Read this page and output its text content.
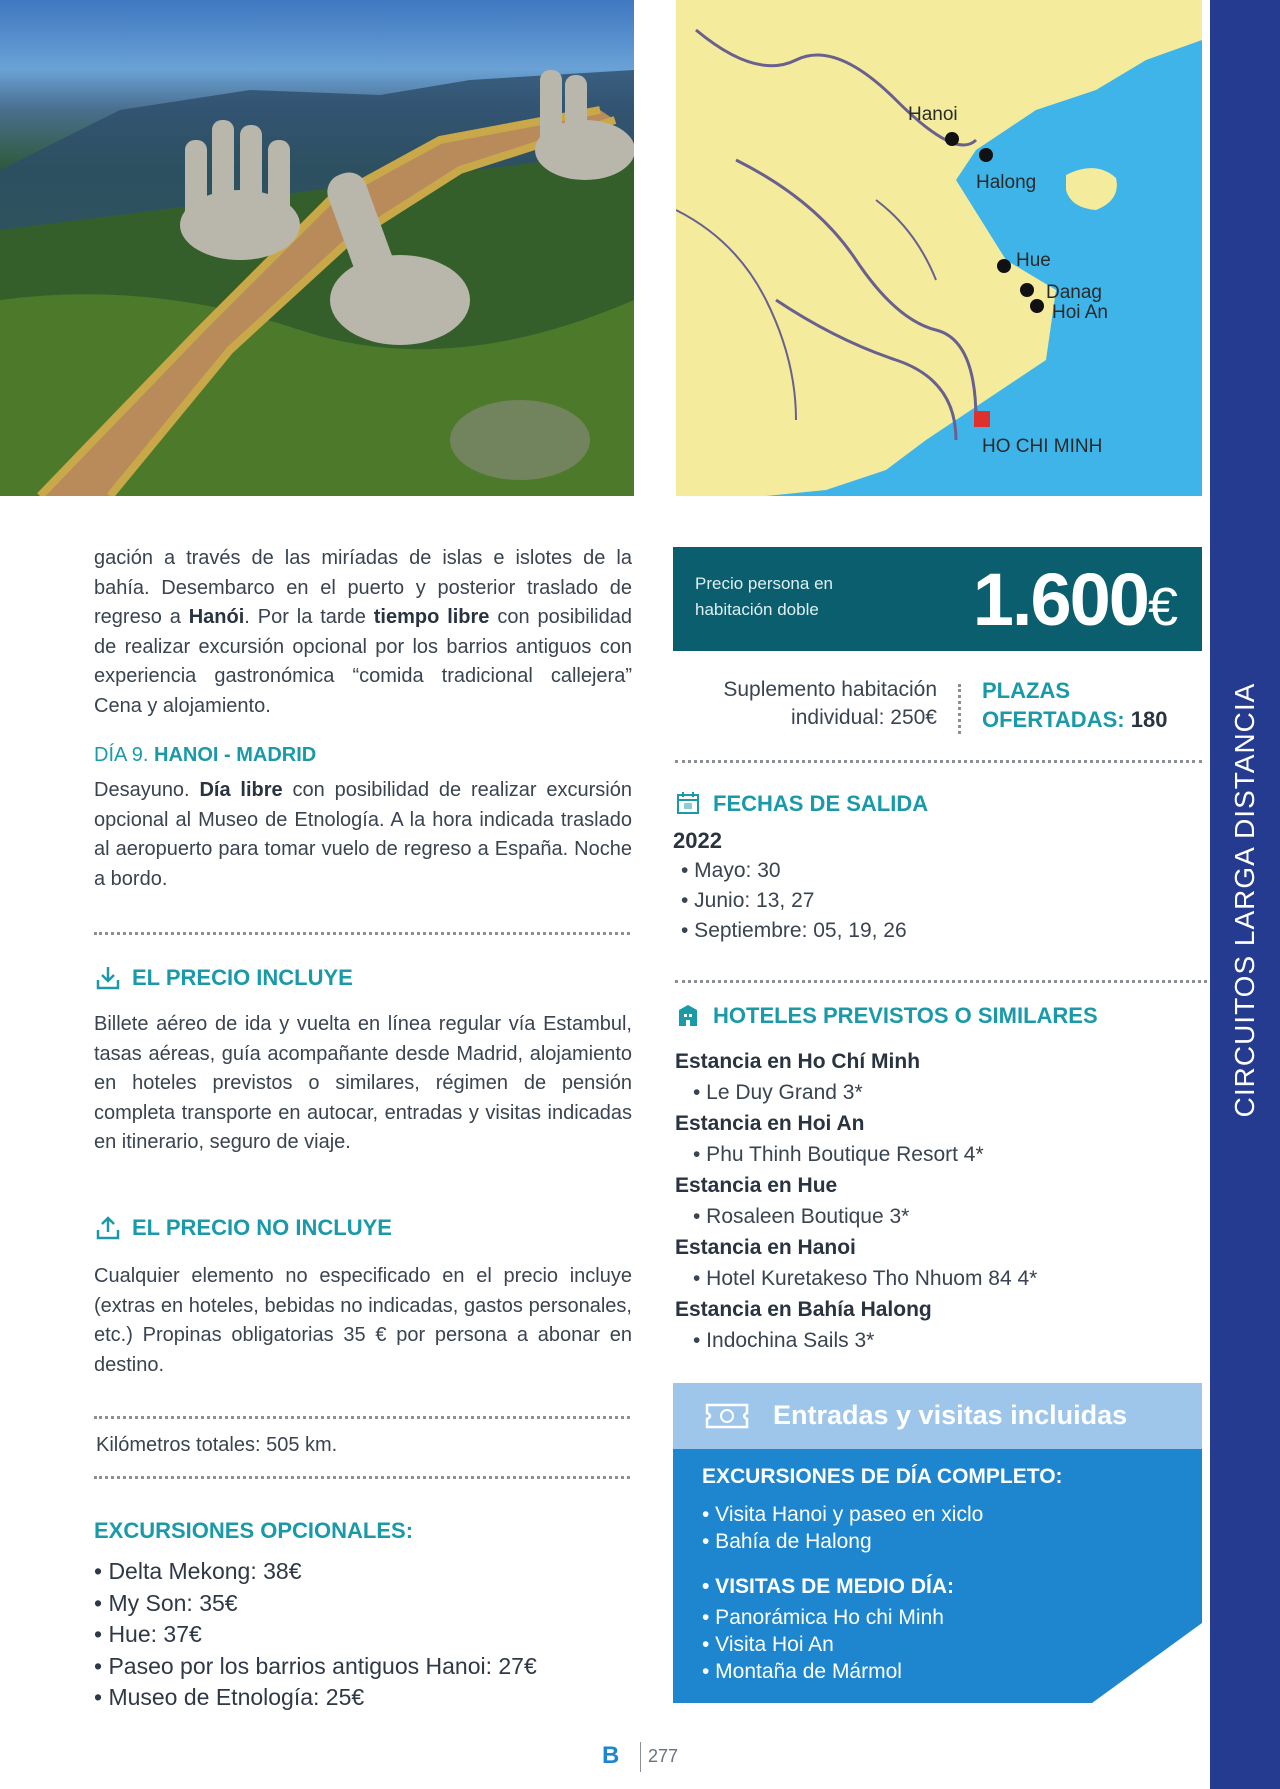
CIRCUITOS LARGA DISTANCIA
Hanoi
Halong
Hue
Danag
Hoi An
HO CHI MINH

gación a través de las miríadas de islas e islotes de la bahía. Desembarco en el puerto y posterior traslado de regreso a Hanói. Por la tarde tiempo libre con posibilidad de realizar excursión opcional por los barrios antiguos con experiencia gastronómica “comida tradicional callejera” Cena y alojamiento.

DÍA 9. HANOI - MADRID

Desayuno. Día libre con posibilidad de realizar excursión opcional al Museo de Etnología. A la hora indicada traslado al aeropuerto para tomar vuelo de regreso a España. Noche a bordo.

EL PRECIO INCLUYE

Billete aéreo de ida y vuelta en línea regular vía Estambul, tasas aéreas, guía acompañante desde Madrid, alojamiento en hoteles previstos o similares, régimen de pensión completa transporte en autocar, entradas y visitas indicadas en itinerario, seguro de viaje.

EL PRECIO NO INCLUYE

Cualquier elemento no especificado en el precio incluye (extras en hoteles, bebidas no indicadas, gastos personales, etc.) Propinas obligatorias 35 € por persona a abonar en destino.

Kilómetros totales: 505 km.
EXCURSIONES OPCIONALES:
• Delta Mekong: 38€
• My Son: 35€
• Hue: 37€
• Paseo por los barrios antiguos Hanoi: 27€
• Museo de Etnología: 25€
Precio persona en habitación doble	1.600€
Suplemento habitación individual: 250€
PLAZAS
OFERTADAS: 180
FECHAS DE SALIDA
2022
• Mayo: 30
• Junio: 13, 27
• Septiembre: 05, 19, 26
HOTELES PREVISTOS O SIMILARES
Estancia en Ho Chí Minh
• Le Duy Grand 3*
Estancia en Hoi An
• Phu Thinh Boutique Resort 4*
Estancia en Hue
• Rosaleen Boutique 3*
Estancia en Hanoi
• Hotel Kuretakeso Tho Nhuom 84 4*
Estancia en Bahía Halong
• Indochina Sails 3*
Entradas y visitas incluidas
EXCURSIONES DE DÍA COMPLETO:
• Visita Hanoi y paseo en xiclo
• Bahía de Halong
• VISITAS DE MEDIO DÍA:
• Panorámica Ho chi Minh
• Visita Hoi An
• Montaña de Mármol
B 277
